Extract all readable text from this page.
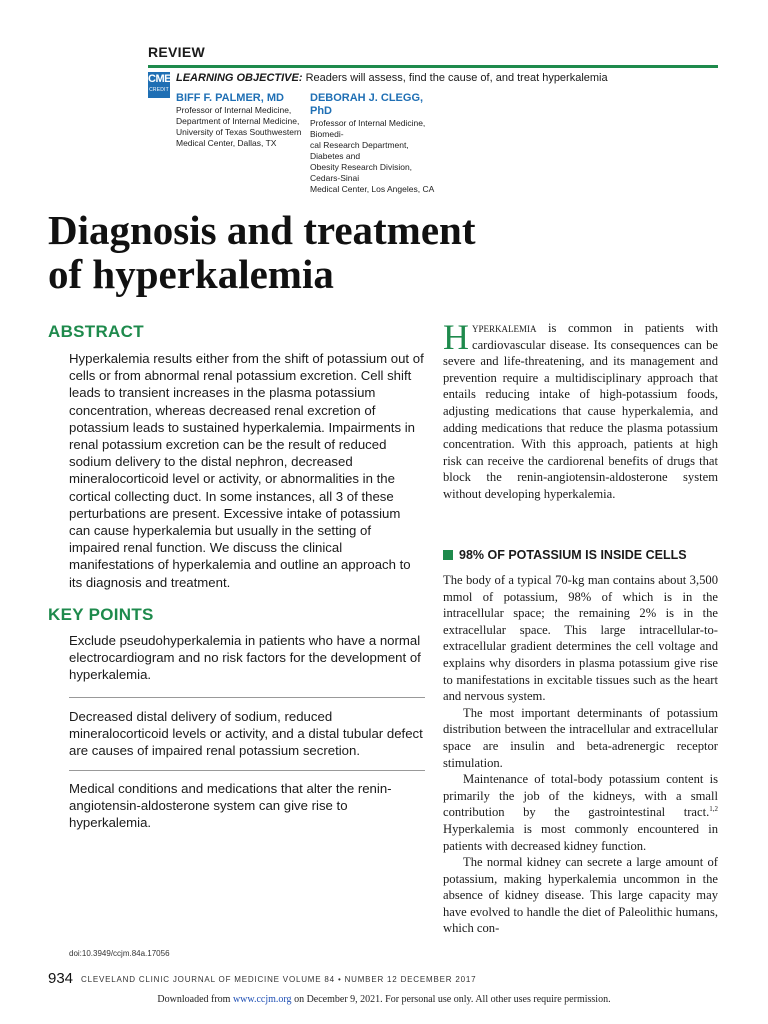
REVIEW
CME
CREDIT
LEARNING OBJECTIVE: Readers will assess, find the cause of, and treat hyperkalemia
BIFF F. PALMER, MD
Professor of Internal Medicine,
Department of Internal Medicine,
University of Texas Southwestern
Medical Center, Dallas, TX
DEBORAH J. CLEGG, PhD
Professor of Internal Medicine, Biomedi-
cal Research Department, Diabetes and
Obesity Research Division, Cedars-Sinai
Medical Center, Los Angeles, CA
Diagnosis and treatment
of hyperkalemia
ABSTRACT
Hyperkalemia results either from the shift of potassium out of cells or from abnormal renal potassium excretion. Cell shift leads to transient increases in the plasma potassium concentration, whereas decreased renal excretion of potassium leads to sustained hyperkalemia. Impairments in renal potassium excretion can be the result of reduced sodium delivery to the distal nephron, decreased mineralocorticoid level or activity, or abnormalities in the cortical collecting duct. In some instances, all 3 of these perturbations are present. Excessive intake of potassium can cause hyperkalemia but usually in the setting of impaired renal function. We discuss the clinical manifestations of hyperkalemia and outline an approach to its diagnosis and treatment.
KEY POINTS
Exclude pseudohyperkalemia in patients who have a normal electrocardiogram and no risk factors for the development of hyperkalemia.
Decreased distal delivery of sodium, reduced mineralocorticoid levels or activity, and a distal tubular defect are causes of impaired renal potassium secretion.
Medical conditions and medications that alter the renin-angiotensin-aldosterone system can give rise to hyperkalemia.
doi:10.3949/ccjm.84a.17056

Hyperkalemia is common in patients with cardiovascular disease. Its consequences can be severe and life-threatening, and its management and prevention require a multidisciplinary approach that entails reducing intake of high-potassium foods, adjusting medications that cause hyperkalemia, and adding medications that reduce the plasma potassium concentration. With this approach, patients at high risk can receive the cardiorenal benefits of drugs that block the renin-angiotensin-aldosterone system without developing hyperkalemia.

98% OF POTASSIUM IS INSIDE CELLS

The body of a typical 70-kg man contains about 3,500 mmol of potassium, 98% of which is in the intracellular space; the remaining 2% is in the extracellular space. This large intracellular-to-extracellular gradient determines the cell voltage and explains why disorders in plasma potassium give rise to manifestations in excitable tissues such as the heart and nervous system.

The most important determinants of potassium distribution between the intracellular and extracellular space are insulin and beta-adrenergic receptor stimulation.

Maintenance of total-body potassium content is primarily the job of the kidneys, with a small contribution by the gastrointestinal tract.$^{1,2}$ Hyperkalemia is most commonly encountered in patients with decreased kidney function.

The normal kidney can secrete a large amount of potassium, making hyperkalemia uncommon in the absence of kidney disease. This large capacity may have evolved to handle the diet of Paleolithic humans, which con-

934 CLEVELAND CLINIC JOURNAL OF MEDICINE VOLUME 84 • NUMBER 12 DECEMBER 2017
Downloaded from www.ccjm.org on December 9, 2021. For personal use only. All other uses require permission.
